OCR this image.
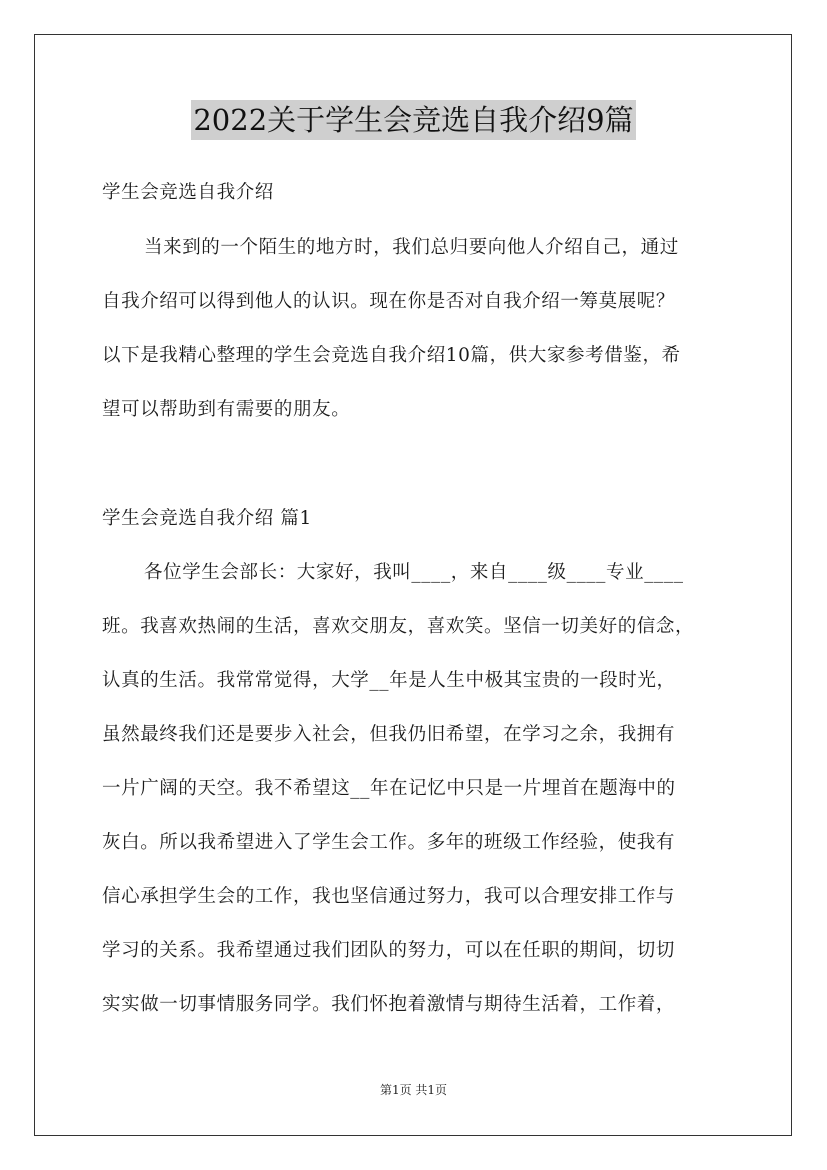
2022关于学生会竞选自我介绍9篇
学生会竞选自我介绍
当来到的一个陌生的地方时，我们总归要向他人介绍自己，通过
自我介绍可以得到他人的认识。现在你是否对自我介绍一筹莫展呢？
以下是我精心整理的学生会竞选自我介绍10篇，供大家参考借鉴，希
望可以帮助到有需要的朋友。
学生会竞选自我介绍 篇1
各位学生会部长：大家好，我叫____，来自____级____专业____
班。我喜欢热闹的生活，喜欢交朋友，喜欢笑。坚信一切美好的信念，
认真的生活。我常常觉得，大学__年是人生中极其宝贵的一段时光，
虽然最终我们还是要步入社会，但我仍旧希望，在学习之余，我拥有
一片广阔的天空。我不希望这__年在记忆中只是一片埋首在题海中的
灰白。所以我希望进入了学生会工作。多年的班级工作经验，使我有
信心承担学生会的工作，我也坚信通过努力，我可以合理安排工作与
学习的关系。我希望通过我们团队的努力，可以在任职的期间，切切
实实做一切事情服务同学。我们怀抱着激情与期待生活着，工作着，
第1页 共1页
